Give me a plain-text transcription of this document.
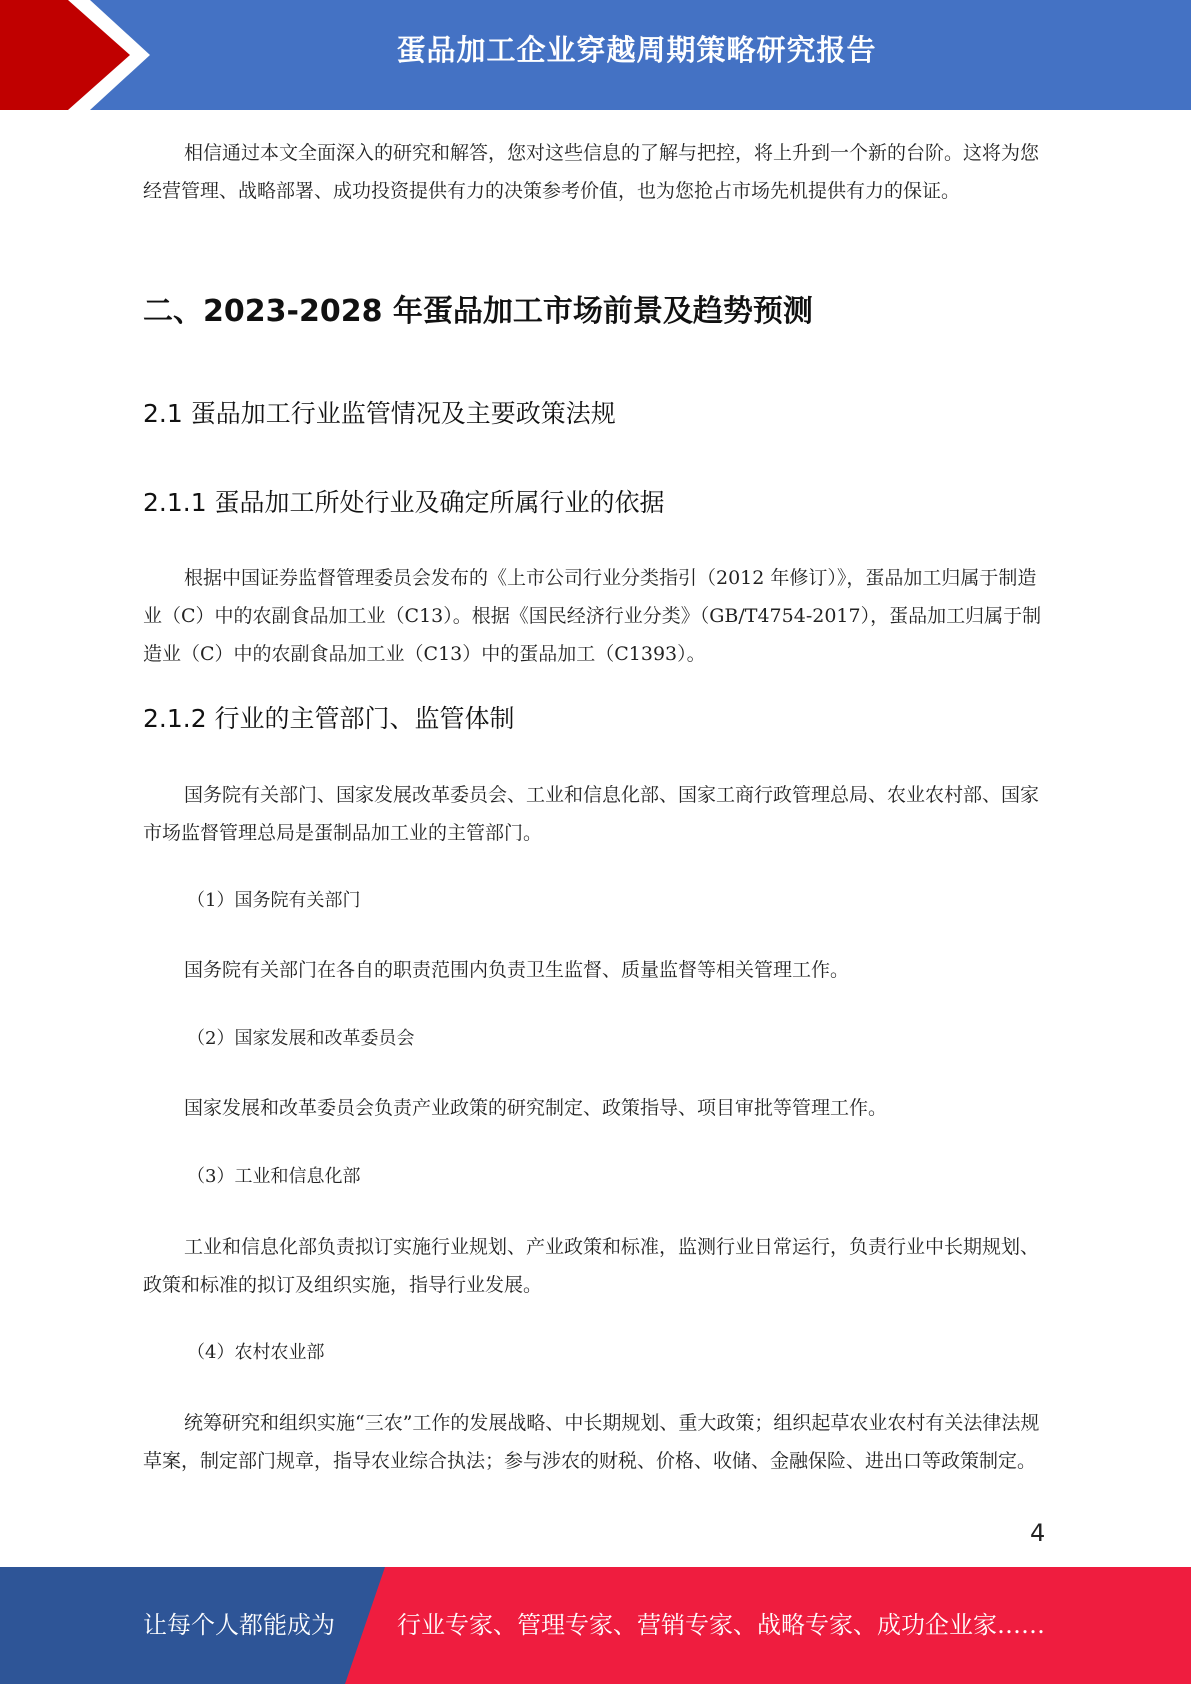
蛋品加工企业穿越周期策略研究报告

相信通过本文全面深入的研究和解答，您对这些信息的了解与把控，将上升到一个新的台阶。这将为您经营管理、战略部署、成功投资提供有力的决策参考价值，也为您抢占市场先机提供有力的保证。

二、2023-2028 年蛋品加工市场前景及趋势预测
2.1 蛋品加工行业监管情况及主要政策法规
2.1.1 蛋品加工所处行业及确定所属行业的依据

根据中国证券监督管理委员会发布的《上市公司行业分类指引（2012 年修订）》，蛋品加工归属于制造业（C）中的农副食品加工业（C13）。根据《国民经济行业分类》（GB/T4754-2017），蛋品加工归属于制造业（C）中的农副食品加工业（C13）中的蛋品加工（C1393）。

2.1.2 行业的主管部门、监管体制

国务院有关部门、国家发展改革委员会、工业和信息化部、国家工商行政管理总局、农业农村部、国家市场监督管理总局是蛋制品加工业的主管部门。

（1）国务院有关部门

国务院有关部门在各自的职责范围内负责卫生监督、质量监督等相关管理工作。

（2）国家发展和改革委员会

国家发展和改革委员会负责产业政策的研究制定、政策指导、项目审批等管理工作。

（3）工业和信息化部

工业和信息化部负责拟订实施行业规划、产业政策和标准，监测行业日常运行，负责行业中长期规划、政策和标准的拟订及组织实施，指导行业发展。

（4）农村农业部

统筹研究和组织实施“三农”工作的发展战略、中长期规划、重大政策；组织起草农业农村有关法律法规草案，制定部门规章，指导农业综合执法；参与涉农的财税、价格、收储、金融保险、进出口等政策制定。

4
让每个人都能成为	行业专家、管理专家、营销专家、战略专家、成功企业家……
